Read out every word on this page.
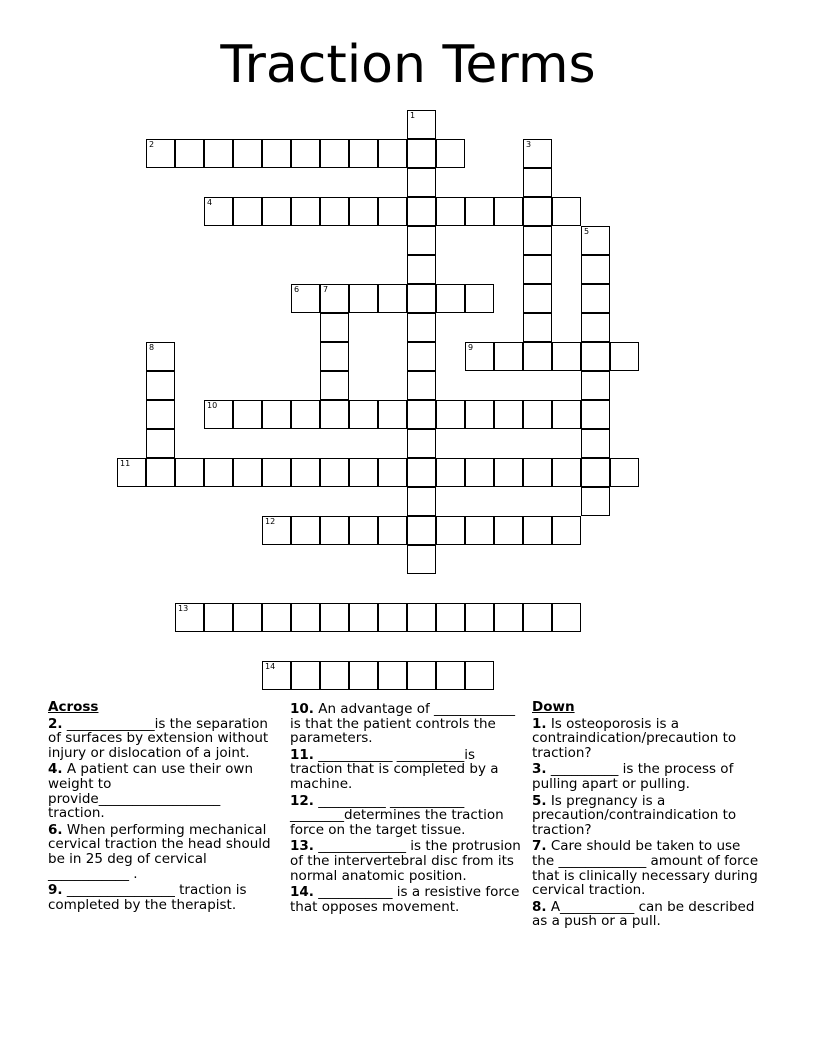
Traction Terms
1
2	3
4
5
6	7
8	9
10
11
12
13
14
Across
2. _____________is the separation of surfaces by extension without injury or dislocation of a joint.
4. A patient can use their own weight to provide__________________ traction.
6. When performing mechanical cervical traction the head should be in 25 deg of cervical ____________ .
9. ________________ traction is completed by the therapist.
10. An advantage of ____________ is that the patient controls the parameters.
11. ___________ __________is traction that is completed by a machine.
12. __________ ___________ ________determines the traction force on the target tissue.
13. _____________ is the protrusion of the intervertebral disc from its normal anatomic position.
14. ___________ is a resistive force that opposes movement.
Down
1. Is osteoporosis is a contraindication/precaution to traction?
3. __________ is the process of pulling apart or pulling.
5. Is pregnancy is a precaution/contraindication to traction?
7. Care should be taken to use the _____________ amount of force that is clinically necessary during cervical traction.
8. A___________ can be described as a push or a pull.
